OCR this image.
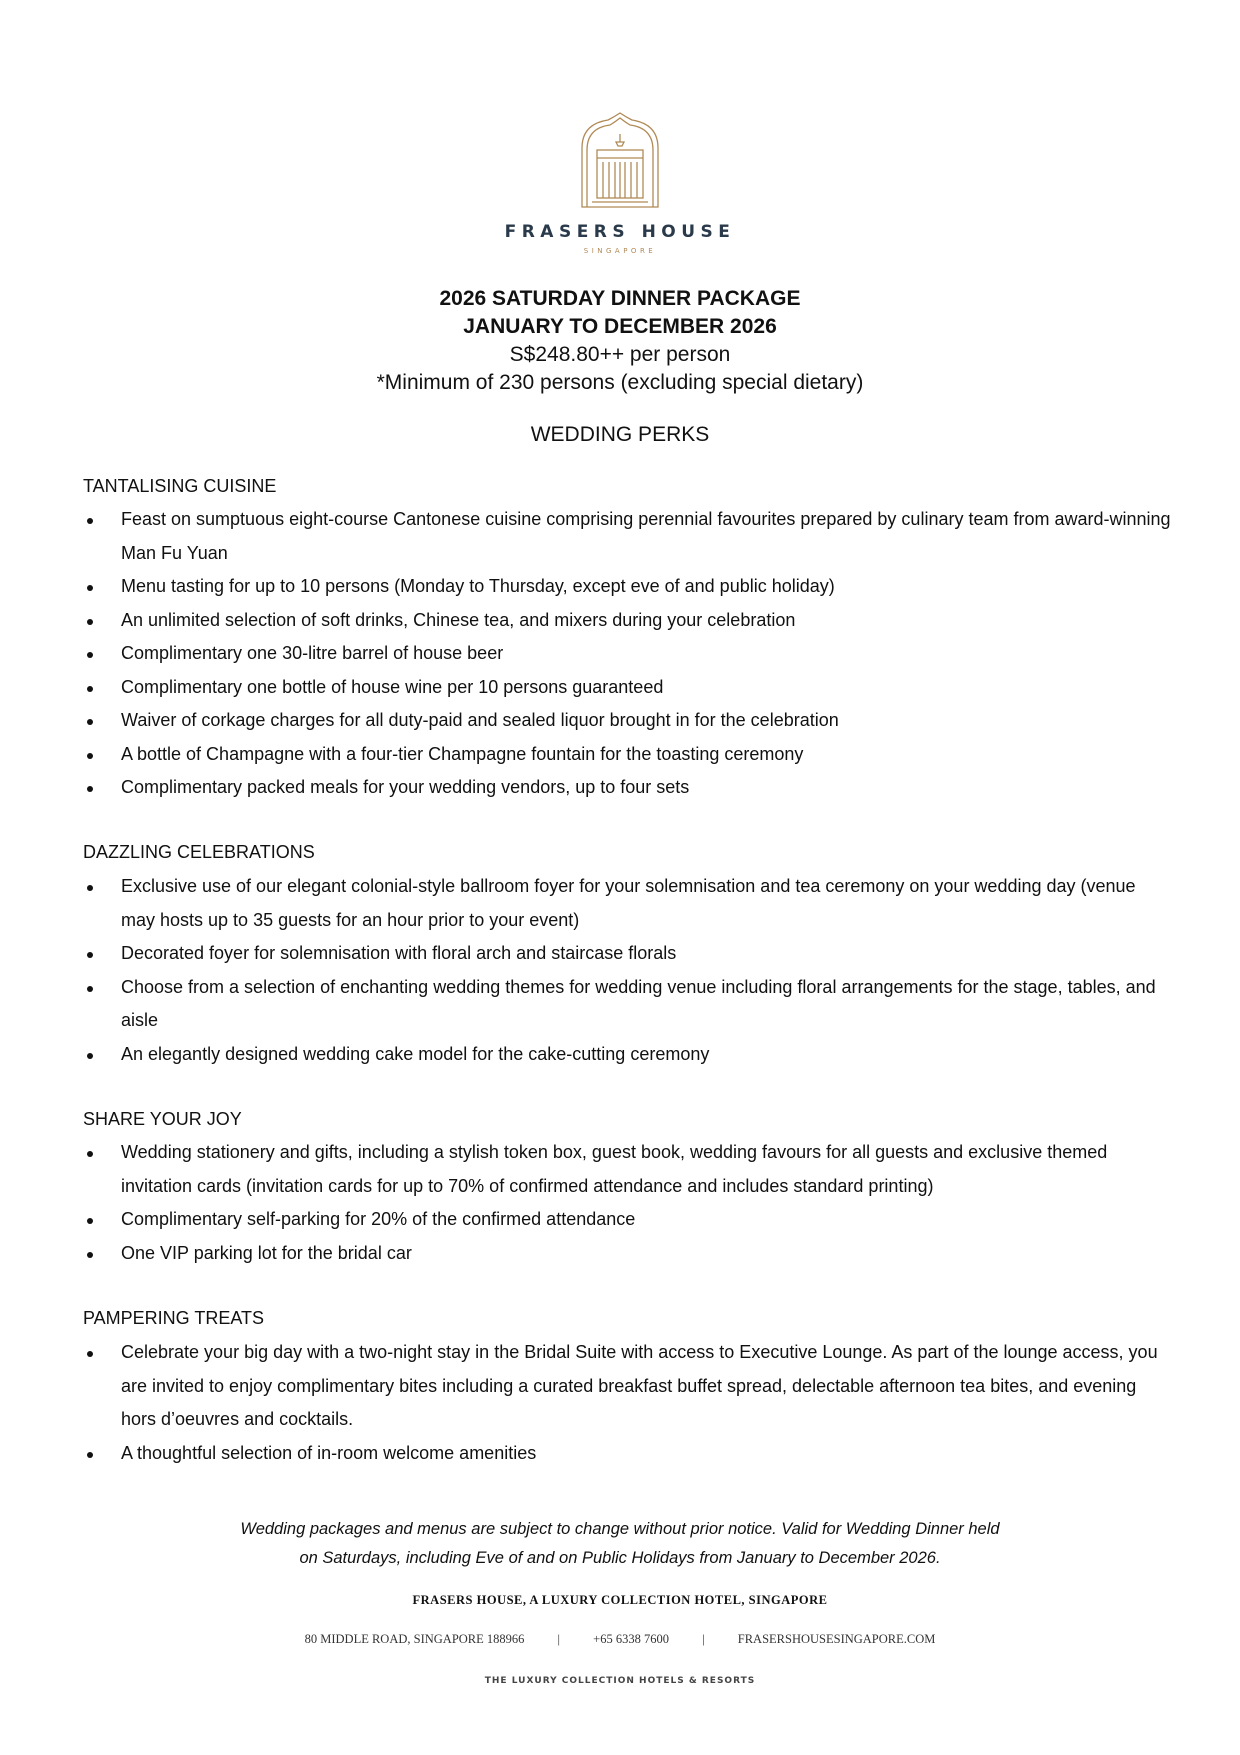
FRASERS HOUSE
SINGAPORE
2026 SATURDAY DINNER PACKAGE
JANUARY TO DECEMBER 2026
S$248.80++ per person
*Minimum of 230 persons (excluding special dietary)
WEDDING PERKS
TANTALISING CUISINE
Feast on sumptuous eight-course Cantonese cuisine comprising perennial favourites prepared by culinary team from award-winning Man Fu Yuan
Menu tasting for up to 10 persons (Monday to Thursday, except eve of and public holiday)
An unlimited selection of soft drinks, Chinese tea, and mixers during your celebration
Complimentary one 30-litre barrel of house beer
Complimentary one bottle of house wine per 10 persons guaranteed
Waiver of corkage charges for all duty-paid and sealed liquor brought in for the celebration
A bottle of Champagne with a four-tier Champagne fountain for the toasting ceremony
Complimentary packed meals for your wedding vendors, up to four sets
DAZZLING CELEBRATIONS
Exclusive use of our elegant colonial-style ballroom foyer for your solemnisation and tea ceremony on your wedding day (venue may hosts up to 35 guests for an hour prior to your event)
Decorated foyer for solemnisation with floral arch and staircase florals
Choose from a selection of enchanting wedding themes for wedding venue including floral arrangements for the stage, tables, and aisle
An elegantly designed wedding cake model for the cake-cutting ceremony
SHARE YOUR JOY
Wedding stationery and gifts, including a stylish token box, guest book, wedding favours for all guests and exclusive themed invitation cards (invitation cards for up to 70% of confirmed attendance and includes standard printing)
Complimentary self-parking for 20% of the confirmed attendance
One VIP parking lot for the bridal car
PAMPERING TREATS
Celebrate your big day with a two-night stay in the Bridal Suite with access to Executive Lounge. As part of the lounge access, you are invited to enjoy complimentary bites including a curated breakfast buffet spread, delectable afternoon tea bites, and evening hors d’oeuvres and cocktails.
A thoughtful selection of in-room welcome amenities
Wedding packages and menus are subject to change without prior notice. Valid for Wedding Dinner held
on Saturdays, including Eve of and on Public Holidays from January to December 2026.
FRASERS HOUSE, A LUXURY COLLECTION HOTEL, SINGAPORE
80 MIDDLE ROAD, SINGAPORE 188966	|	+65 6338 7600	|	FRASERSHOUSESINGAPORE.COM
THE LUXURY COLLECTION HOTELS & RESORTS
